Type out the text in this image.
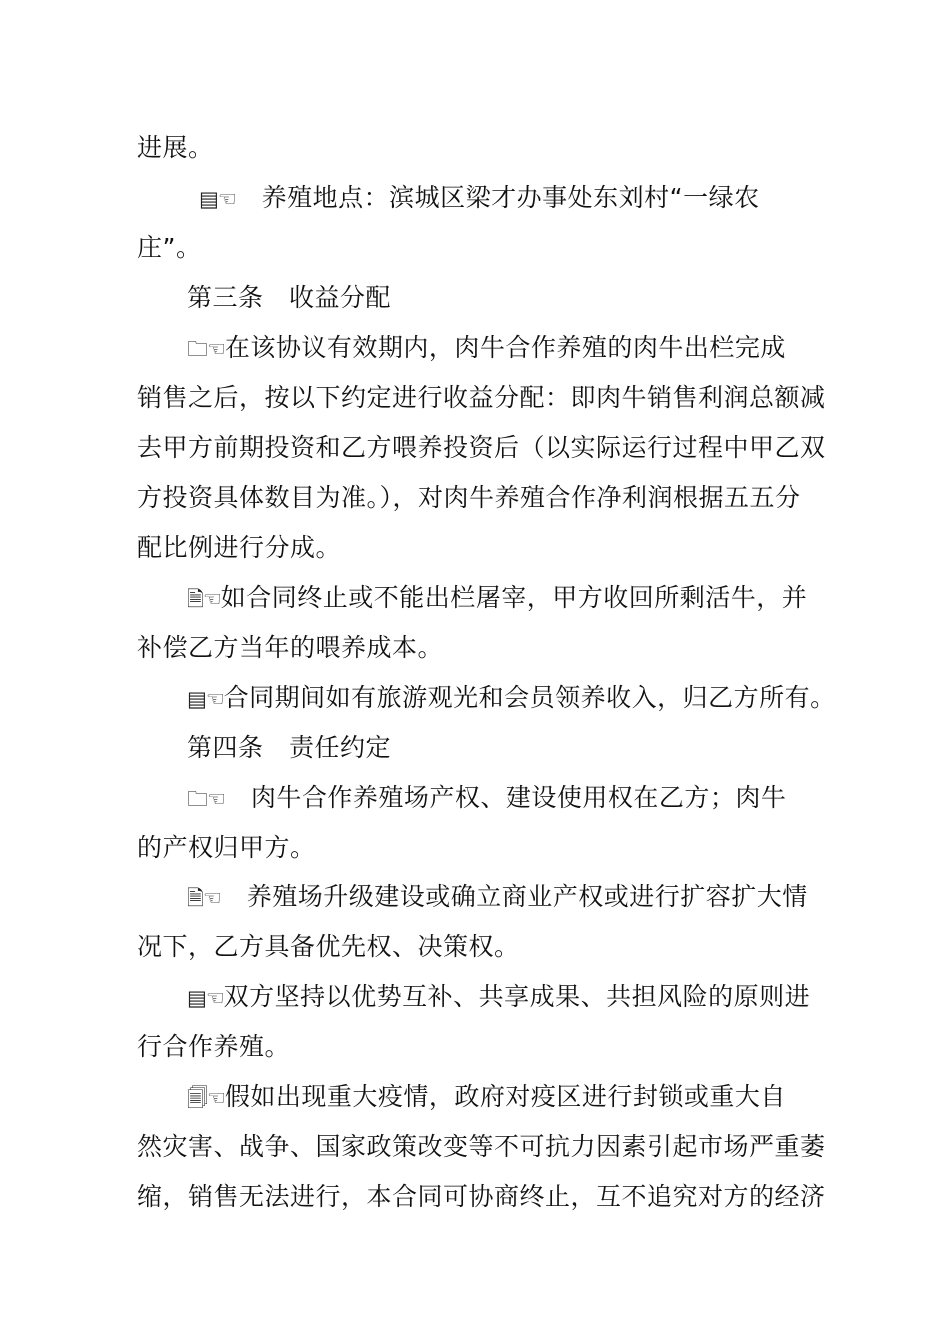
进展。
▤☜ 养殖地点：滨城区梁才办事处东刘村“一绿农
庄”。
第三条　收益分配
🗀☜在该协议有效期内，肉牛合作养殖的肉牛出栏完成
销售之后，按以下约定进行收益分配：即肉牛销售利润总额减
去甲方前期投资和乙方喂养投资后（以实际运行过程中甲乙双
方投资具体数目为准。），对肉牛养殖合作净利润根据五五分
配比例进行分成。
🗎☜如合同终止或不能出栏屠宰，甲方收回所剩活牛，并
补偿乙方当年的喂养成本。
▤☜合同期间如有旅游观光和会员领养收入，归乙方所有。
第四条　责任约定
🗀☜ 肉牛合作养殖场产权、建设使用权在乙方；肉牛
的产权归甲方。
🗎☜ 养殖场升级建设或确立商业产权或进行扩容扩大情
况下，乙方具备优先权、决策权。
▤☜双方坚持以优势互补、共享成果、共担风险的原则进
行合作养殖。
🗐☜假如出现重大疫情，政府对疫区进行封锁或重大自
然灾害、战争、国家政策改变等不可抗力因素引起市场严重萎
缩，销售无法进行，本合同可协商终止，互不追究对方的经济
